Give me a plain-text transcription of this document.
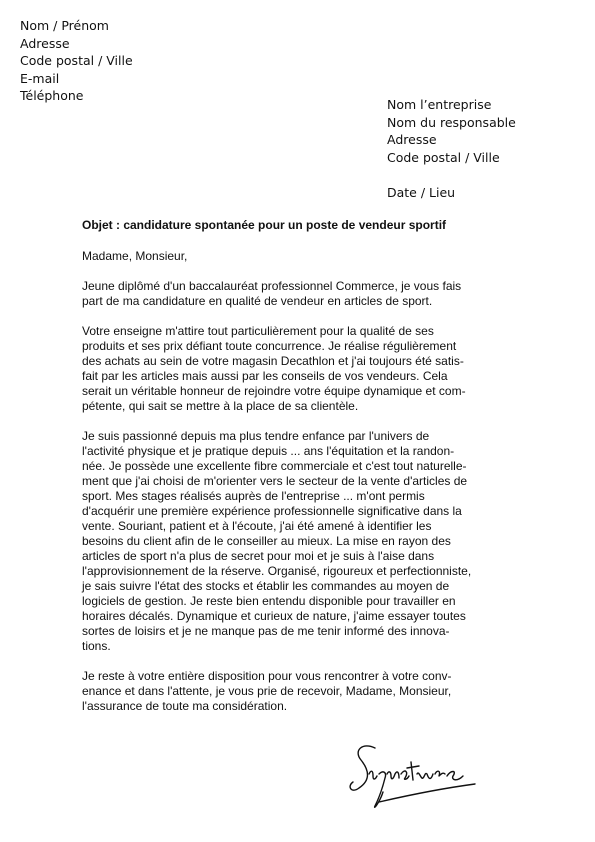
Nom / Prénom
Adresse
Code postal / Ville
E-mail
Téléphone
Nom l’entreprise
Nom du responsable
Adresse
Code postal / Ville
Date / Lieu
Objet : candidature spontanée pour un poste de vendeur sportif

Madame, Monsieur,

Jeune diplômé d'un baccalauréat professionnel Commerce, je vous fais
part de ma candidature en qualité de vendeur en articles de sport.

Votre enseigne m'attire tout particulièrement pour la qualité de ses
produits et ses prix défiant toute concurrence. Je réalise régulièrement
des achats au sein de votre magasin Decathlon et j'ai toujours été satis-
fait par les articles mais aussi par les conseils de vos vendeurs. Cela
serait un véritable honneur de rejoindre votre équipe dynamique et com-
pétente, qui sait se mettre à la place de sa clientèle.

Je suis passionné depuis ma plus tendre enfance par l'univers de
l'activité physique et je pratique depuis ... ans l'équitation et la randon-
née. Je possède une excellente fibre commerciale et c'est tout naturelle-
ment que j'ai choisi de m'orienter vers le secteur de la vente d'articles de
sport. Mes stages réalisés auprès de l'entreprise ... m'ont permis
d'acquérir une première expérience professionnelle significative dans la
vente. Souriant, patient et à l'écoute, j'ai été amené à identifier les
besoins du client afin de le conseiller au mieux. La mise en rayon des
articles de sport n'a plus de secret pour moi et je suis à l'aise dans
l'approvisionnement de la réserve. Organisé, rigoureux et perfectionniste,
je sais suivre l'état des stocks et établir les commandes au moyen de
logiciels de gestion. Je reste bien entendu disponible pour travailler en
horaires décalés. Dynamique et curieux de nature, j'aime essayer toutes
sortes de loisirs et je ne manque pas de me tenir informé des innova-
tions.

Je reste à votre entière disposition pour vous rencontrer à votre conv-
enance et dans l'attente, je vous prie de recevoir, Madame, Monsieur,
l'assurance de toute ma considération.

Signature
